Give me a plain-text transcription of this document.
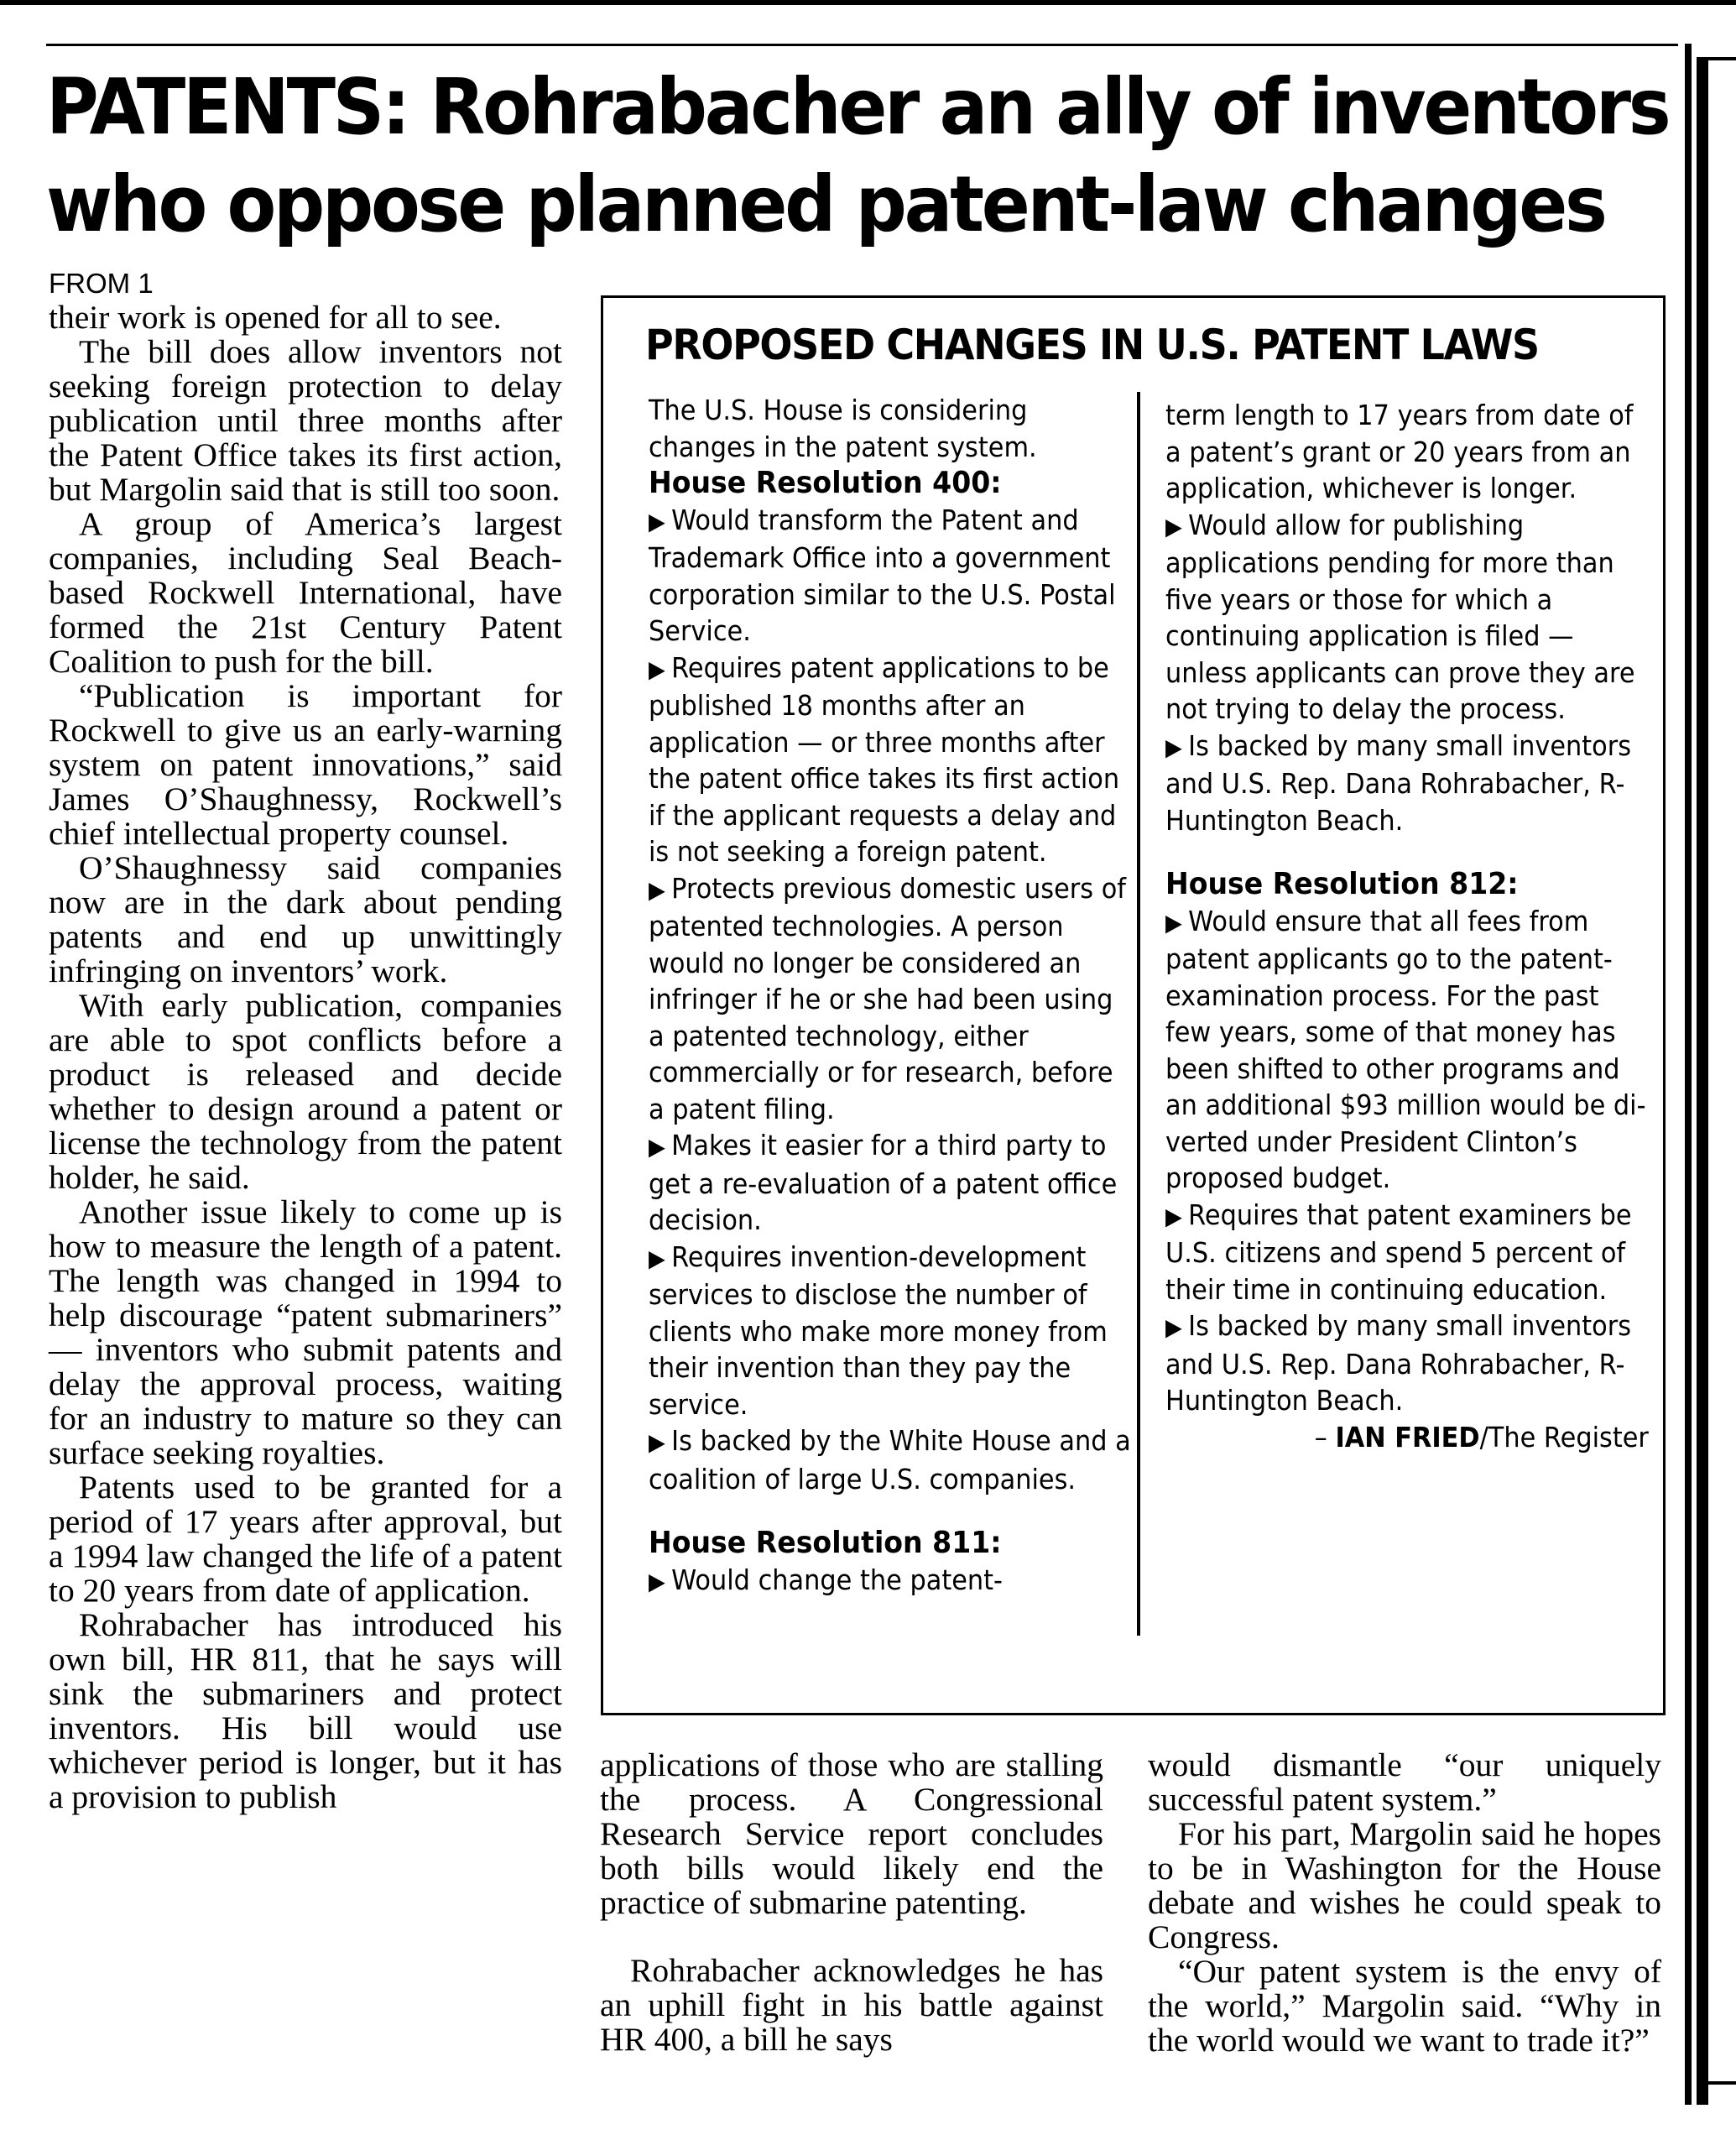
PATENTS: Rohrabacher an ally of inventors
who oppose planned patent-law changes
FROM 1

their work is opened for all to see.

The bill does allow inventors not seeking foreign protection to delay publication until three months after the Patent Office takes its first action, but Margolin said that is still too soon.

A group of America’s largest companies, including Seal Beach-based Rockwell International, have formed the 21st Century Patent Coalition to push for the bill.

“Publication is important for Rockwell to give us an early-warning system on patent innovations,” said James O’Shaughnessy, Rockwell’s chief intellectual property counsel.

O’Shaughnessy said companies now are in the dark about pending patents and end up unwittingly infringing on inventors’ work.

With early publication, companies are able to spot conflicts before a product is released and decide whether to design around a patent or license the technology from the patent holder, he said.

Another issue likely to come up is how to measure the length of a patent. The length was changed in 1994 to help discourage “patent submariners” — inventors who submit patents and delay the approval process, waiting for an industry to mature so they can surface seeking royalties.

Patents used to be granted for a period of 17 years after approval, but a 1994 law changed the life of a patent to 20 years from date of application.

Rohrabacher has introduced his own bill, HR 811, that he says will sink the submariners and protect inventors. His bill would use whichever period is longer, but it has a provision to publish

PROPOSED CHANGES IN U.S. PATENT LAWS

The U.S. House is considering changes in the patent system.

House Resolution 400:

▶ Would transform the Patent and Trademark Office into a government corporation similar to the U.S. Postal Service.

▶ Requires patent applications to be published 18 months after an application — or three months after the patent office takes its first action if the applicant requests a delay and is not seeking a foreign patent.

▶ Protects previous domestic users of patented technologies. A person would no longer be considered an infringer if he or she had been using a patented technology, either commercially or for research, before a patent filing.

▶ Makes it easier for a third party to get a re-evaluation of a patent office decision.

▶ Requires invention-development services to disclose the number of clients who make more money from their invention than they pay the service.

▶ Is backed by the White House and a coalition of large U.S. companies.

House Resolution 811:

▶ Would change the patent-

term length to 17 years from date of a patent’s grant or 20 years from an application, whichever is longer.

▶ Would allow for publishing applications pending for more than five years or those for which a continuing application is filed — unless applicants can prove they are not trying to delay the process.

▶ Is backed by many small inventors and U.S. Rep. Dana Rohrabacher, R-Huntington Beach.

House Resolution 812:

▶ Would ensure that all fees from patent applicants go to the patent-examination process. For the past few years, some of that money has been shifted to other programs and an additional $93 million would be diverted under President Clinton’s proposed budget.

▶ Requires that patent examiners be U.S. citizens and spend 5 percent of their time in continuing education.

▶ Is backed by many small inventors and U.S. Rep. Dana Rohrabacher, R-Huntington Beach.

– IAN FRIED/The Register

applications of those who are stalling the process. A Congressional Research Service report concludes both bills would likely end the practice of submarine patenting.

Rohrabacher acknowledges he has an uphill fight in his battle against HR 400, a bill he says

would dismantle “our uniquely successful patent system.”

For his part, Margolin said he hopes to be in Washington for the House debate and wishes he could speak to Congress.

“Our patent system is the envy of the world,” Margolin said. “Why in the world would we want to trade it?”
